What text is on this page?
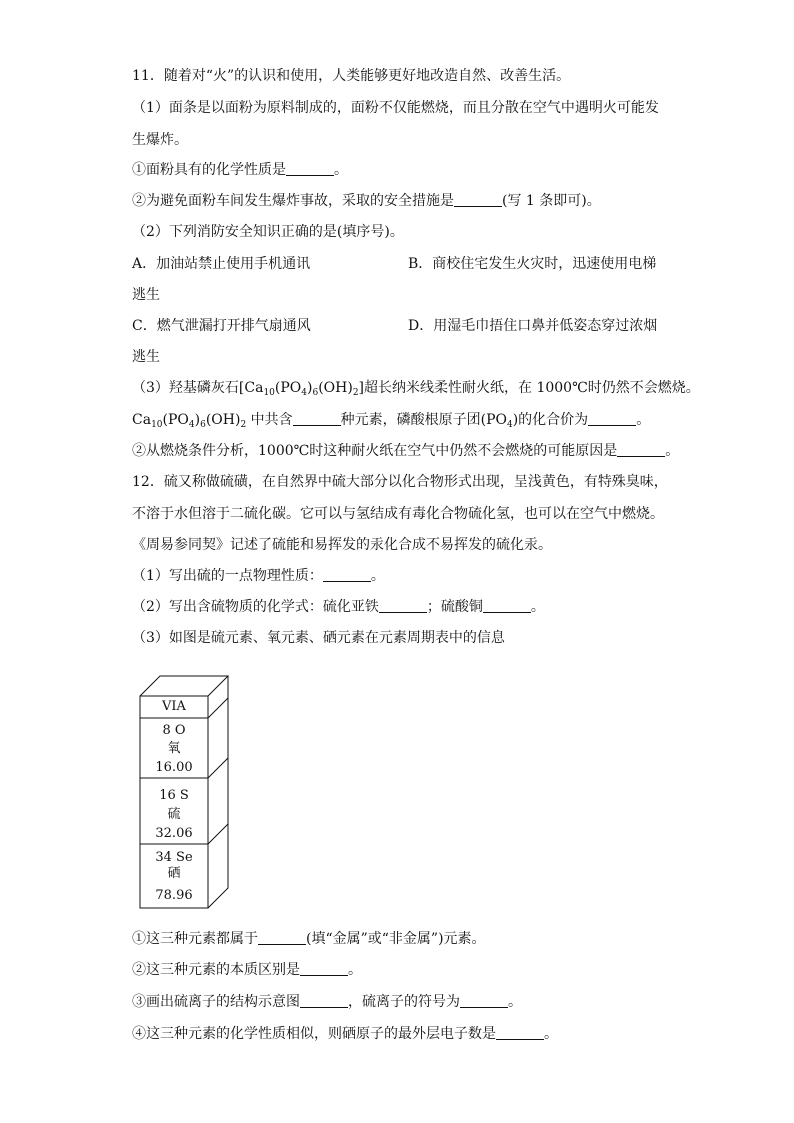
11．随着对“火”的认识和使用，人类能够更好地改造自然、改善生活。
（1）面条是以面粉为原料制成的，面粉不仅能燃烧，而且分散在空气中遇明火可能发
生爆炸。
①面粉具有的化学性质是	。
②为避免面粉车间发生爆炸事故，采取的安全措施是	(写 1 条即可)。
（2）下列消防安全知识正确的是(填序号)。
A．加油站禁止使用手机通讯	B．商校住宅发生火灾时，迅速使用电梯
逃生
C．燃气泄漏打开排气扇通风	D．用湿毛巾捂住口鼻并低姿态穿过浓烟
逃生
（3）羟基磷灰石$[Ca_{10}(PO_4)_6(OH)_2]$超长纳米线柔性耐火纸，在 1000℃时仍然不会燃烧。
$Ca_{10}(PO_4)_6(OH)_2$ 中共含	种元素，磷酸根原子团$(PO_4)$的化合价为	。
②从燃烧条件分析，1000℃时这种耐火纸在空气中仍然不会燃烧的可能原因是	。
12．硫又称做硫磺，在自然界中硫大部分以化合物形式出现，呈浅黄色，有特殊臭味，
不溶于水但溶于二硫化碳。它可以与氢结成有毒化合物硫化氢，也可以在空气中燃烧。
《周易参同契》记述了硫能和易挥发的汞化合成不易挥发的硫化汞。
（1）写出硫的一点物理性质：	。
（2）写出含硫物质的化学式：硫化亚铁	；硫酸铜	。
（3）如图是硫元素、氧元素、硒元素在元素周期表中的信息
VIA
8 O
氧
16.00
16 S
硫
32.06
34 Se
硒
78.96
①这三种元素都属于	(填“金属”或“非金属”)元素。
②这三种元素的本质区别是	。
③画出硫离子的结构示意图	，硫离子的符号为	。
④这三种元素的化学性质相似，则硒原子的最外层电子数是	。
